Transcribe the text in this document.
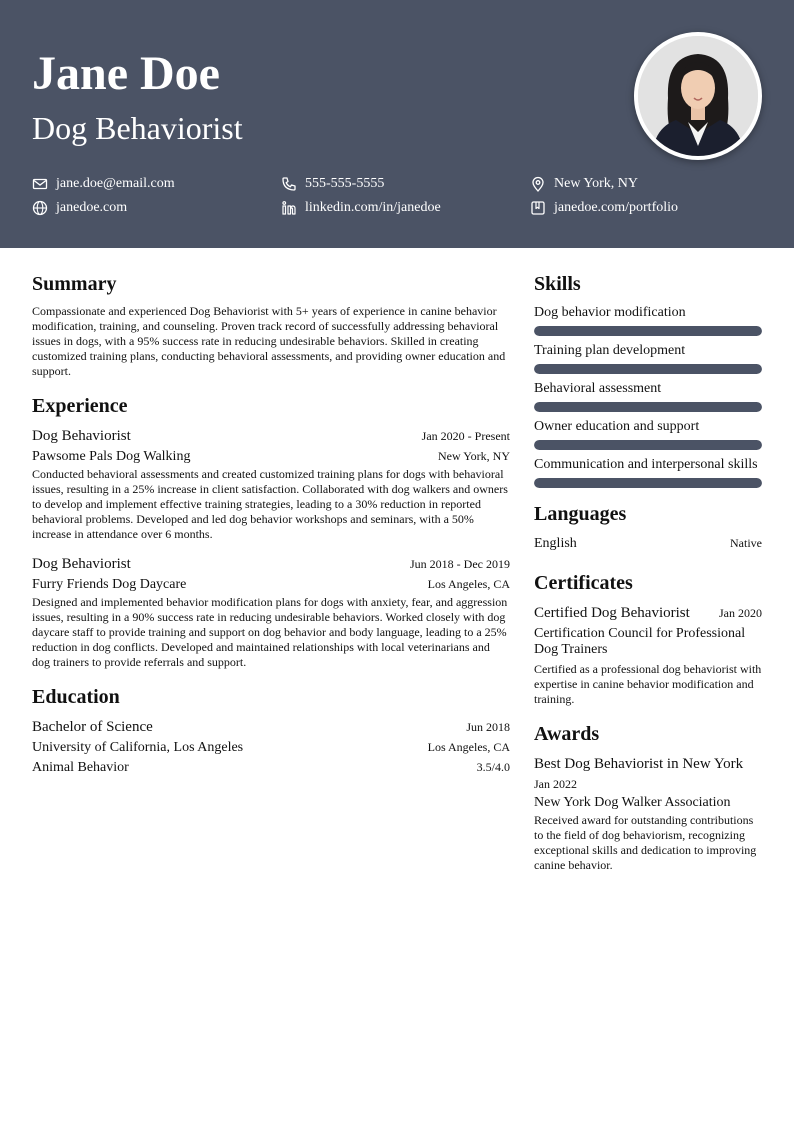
Jane Doe
Dog Behaviorist
jane.doe@email.com	555-555-5555	New York, NY
janedoe.com	linkedin.com/in/janedoe	janedoe.com/portfolio
Summary
Compassionate and experienced Dog Behaviorist with 5+ years of experience in canine behavior modification, training, and counseling. Proven track record of successfully addressing behavioral issues in dogs, with a 95% success rate in reducing undesirable behaviors. Skilled in creating customized training plans, conducting behavioral assessments, and providing owner education and support.
Experience
Dog Behaviorist	Jan 2020 - Present
Pawsome Pals Dog Walking	New York, NY
Conducted behavioral assessments and created customized training plans for dogs with behavioral issues, resulting in a 25% increase in client satisfaction. Collaborated with dog walkers and owners to develop and implement effective training strategies, leading to a 30% reduction in reported behavioral problems. Developed and led dog behavior workshops and seminars, with a 50% increase in attendance over 6 months.
Dog Behaviorist	Jun 2018 - Dec 2019
Furry Friends Dog Daycare	Los Angeles, CA
Designed and implemented behavior modification plans for dogs with anxiety, fear, and aggression issues, resulting in a 90% success rate in reducing undesirable behaviors. Worked closely with dog daycare staff to provide training and support on dog behavior and body language, leading to a 25% reduction in dog conflicts. Developed and maintained relationships with local veterinarians and dog trainers to provide referrals and support.
Education
Bachelor of Science	Jun 2018
University of California, Los Angeles	Los Angeles, CA
Animal Behavior	3.5/4.0
Skills
Dog behavior modification
Training plan development
Behavioral assessment
Owner education and support
Communication and interpersonal skills
Languages
English	Native
Certificates
Certified Dog Behaviorist Jan 2020
Certification Council for Professional Dog Trainers
Certified as a professional dog behaviorist with expertise in canine behavior modification and training.
Awards
Best Dog Behaviorist in New York
Jan 2022
New York Dog Walker Association
Received award for outstanding contributions to the field of dog behaviorism, recognizing exceptional skills and dedication to improving canine behavior.
